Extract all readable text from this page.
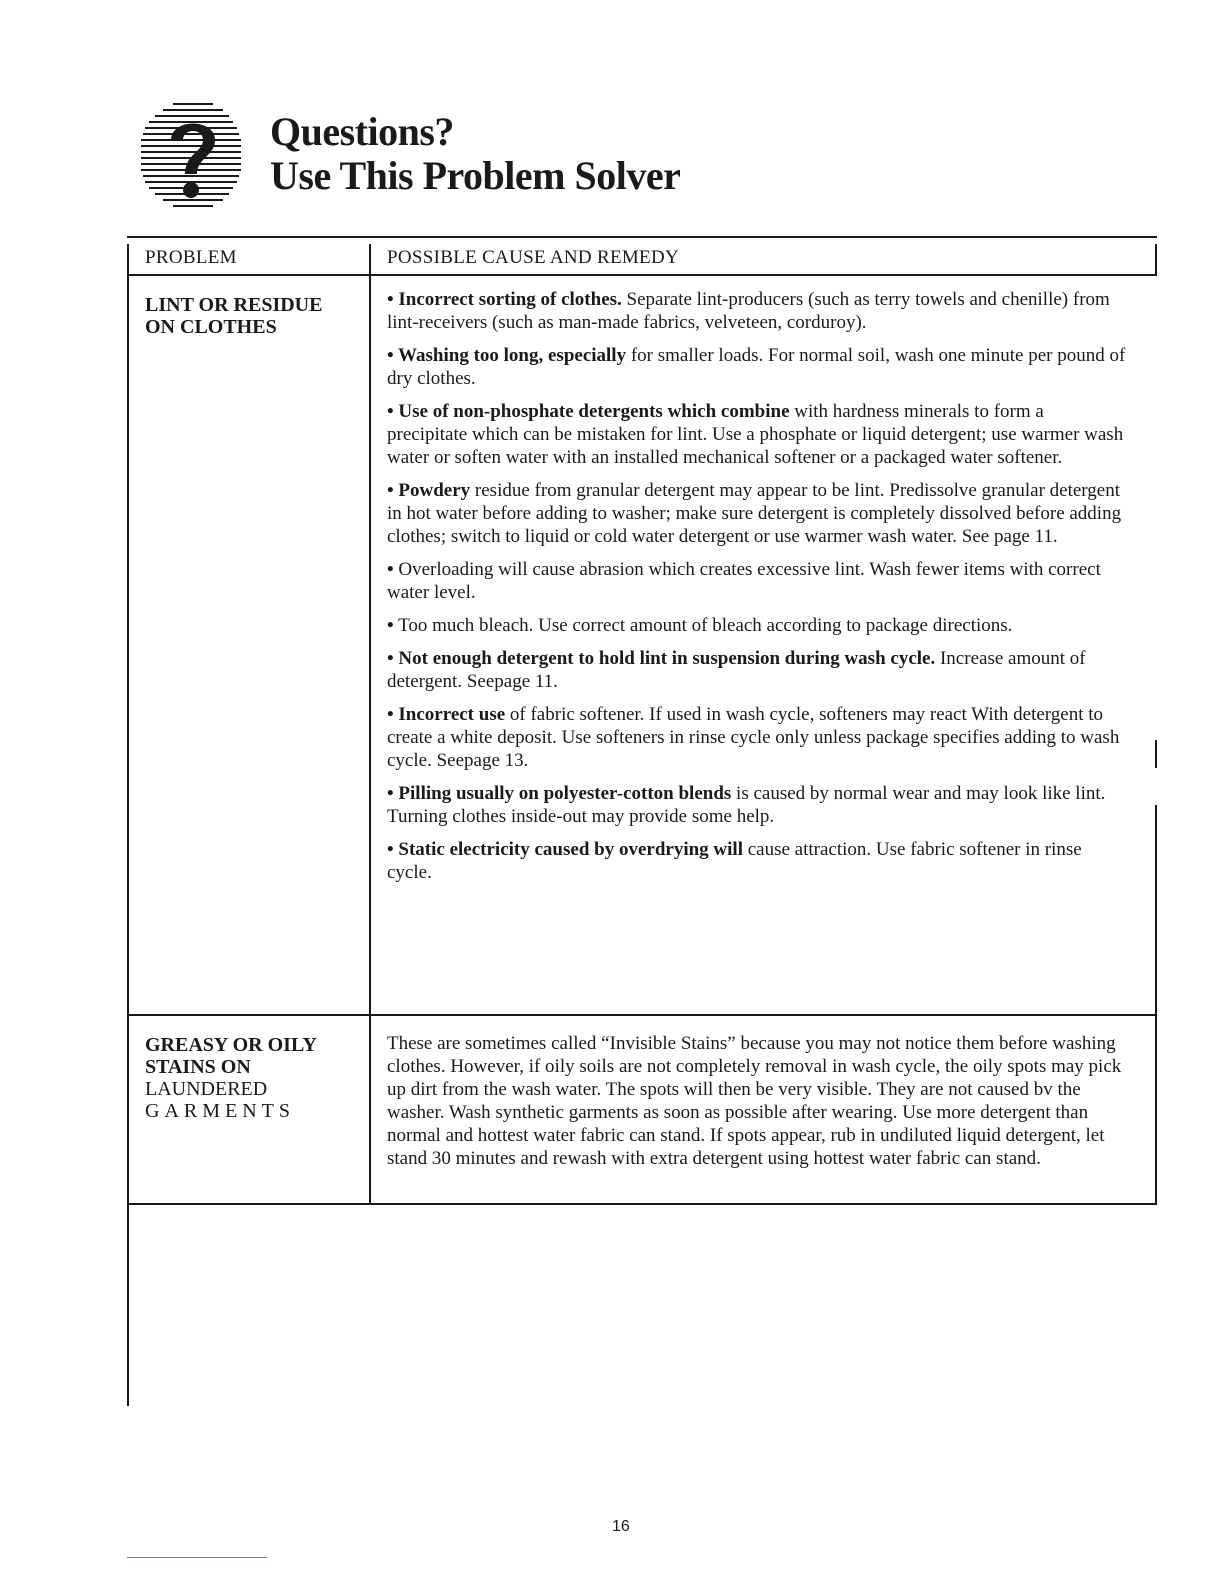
Questions?
Use This Problem Solver
PROBLEM	POSSIBLE CAUSE AND REMEDY
LINT OR RESIDUE
ON CLOTHES

• Incorrect sorting of clothes. Separate lint-producers (such as terry towels and chenille) from lint-receivers (such as man-made fabrics, velveteen, corduroy).

• Washing too long, especially for smaller loads. For normal soil, wash one minute per pound of dry clothes.

• Use of non-phosphate detergents which combine with hardness minerals to form a precipitate which can be mistaken for lint. Use a phosphate or liquid detergent; use warmer wash water or soften water with an installed mechanical softener or a packaged water softener.

• Powdery residue from granular detergent may appear to be lint. Predissolve granular detergent in hot water before adding to washer; make sure detergent is completely dissolved before adding clothes; switch to liquid or cold water detergent or use warmer wash water. See page 11.

• Overloading will cause abrasion which creates excessive lint. Wash fewer items with correct water level.

• Too much bleach. Use correct amount of bleach according to package directions.

• Not enough detergent to hold lint in suspension during wash cycle. Increase amount of detergent. Seepage 11.

• Incorrect use of fabric softener. If used in wash cycle, softeners may react With detergent to create a white deposit. Use softeners in rinse cycle only unless package specifies adding to wash cycle. Seepage 13.

• Pilling usually on polyester-cotton blends is caused by normal wear and may look like lint. Turning clothes inside-out may provide some help.

• Static electricity caused by overdrying will cause attraction. Use fabric softener in rinse cycle.

GREASY OR OILY
STAINS ON
LAUNDERED
GARMENTS
These are sometimes called “Invisible Stains” because you may not notice them before washing clothes. However, if oily soils are not completely removal in wash cycle, the oily spots may pick up dirt from the wash water. The spots will then be very visible. They are not caused bv the washer. Wash synthetic garments as soon as possible after wearing. Use more detergent than normal and hottest water fabric can stand. If spots appear, rub in undiluted liquid detergent, let stand 30 minutes and rewash with extra detergent using hottest water fabric can stand.
16
